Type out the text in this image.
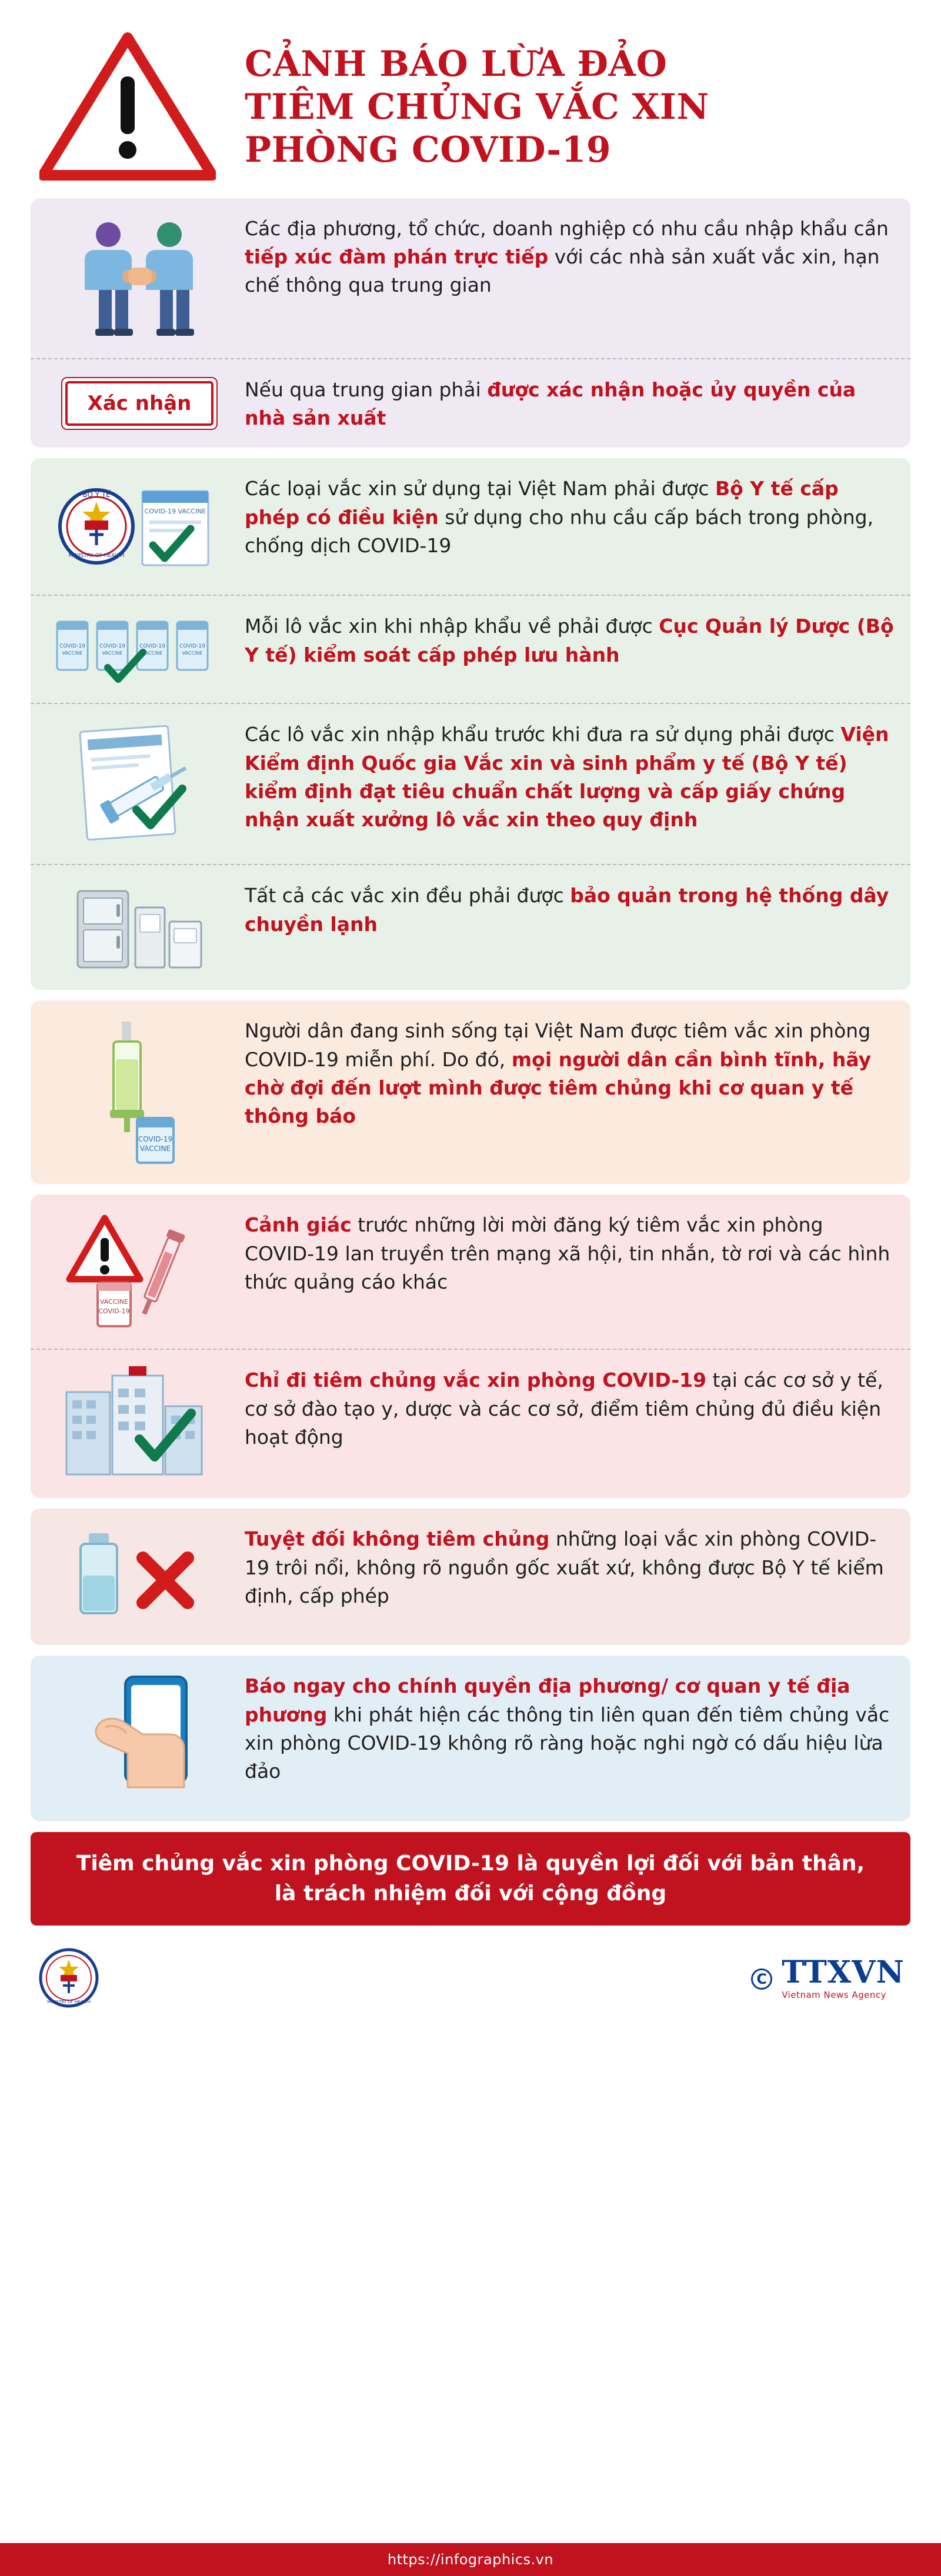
CẢNH BÁO LỪA ĐẢO
TIÊM CHỦNG VẮC XIN
PHÒNG COVID-19
Các địa phương, tổ chức, doanh nghiệp có nhu cầu nhập khẩu cần tiếp xúc đàm phán trực tiếp với các nhà sản xuất vắc xin, hạn chế thông qua trung gian
Xác nhận
Nếu qua trung gian phải được xác nhận hoặc ủy quyền của nhà sản xuất
BỘ Y TẾ
MINISTRY OF HEALTH
COVID-19 VACCINE
Các loại vắc xin sử dụng tại Việt Nam phải được Bộ Y tế cấp phép có điều kiện sử dụng cho nhu cầu cấp bách trong phòng, chống dịch COVID-19
COVID-19
VACCINE
COVID-19
VACCINE
COVID-19
VACCINE
COVID-19
VACCINE
Mỗi lô vắc xin khi nhập khẩu về phải được Cục Quản lý Dược (Bộ Y tế) kiểm soát cấp phép lưu hành
Các lô vắc xin nhập khẩu trước khi đưa ra sử dụng phải được Viện Kiểm định Quốc gia Vắc xin và sinh phẩm y tế (Bộ Y tế) kiểm định đạt tiêu chuẩn chất lượng và cấp giấy chứng nhận xuất xưởng lô vắc xin theo quy định
Tất cả các vắc xin đều phải được bảo quản trong hệ thống dây chuyền lạnh
COVID-19
VACCINE
Người dân đang sinh sống tại Việt Nam được tiêm vắc xin phòng COVID-19 miễn phí. Do đó, mọi người dân cần bình tĩnh, hãy chờ đợi đến lượt mình được tiêm chủng khi cơ quan y tế thông báo
VACCINE
COVID-19
Cảnh giác trước những lời mời đăng ký tiêm vắc xin phòng COVID-19 lan truyền trên mạng xã hội, tin nhắn, tờ rơi và các hình thức quảng cáo khác
Chỉ đi tiêm chủng vắc xin phòng COVID-19 tại các cơ sở y tế, cơ sở đào tạo y, dược và các cơ sở, điểm tiêm chủng đủ điều kiện hoạt động
Tuyệt đối không tiêm chủng những loại vắc xin phòng COVID-19 trôi nổi, không rõ nguồn gốc xuất xứ, không được Bộ Y tế kiểm định, cấp phép
Báo ngay cho chính quyền địa phương/ cơ quan y tế địa phương khi phát hiện các thông tin liên quan đến tiêm chủng vắc xin phòng COVID-19 không rõ ràng hoặc nghi ngờ có dấu hiệu lừa đảo
Tiêm chủng vắc xin phòng COVID-19 là quyền lợi đối với bản thân,
là trách nhiệm đối với cộng đồng
MINISTRY OF HEALTH
C TTXVN
Vietnam News Agency
https://infographics.vn
